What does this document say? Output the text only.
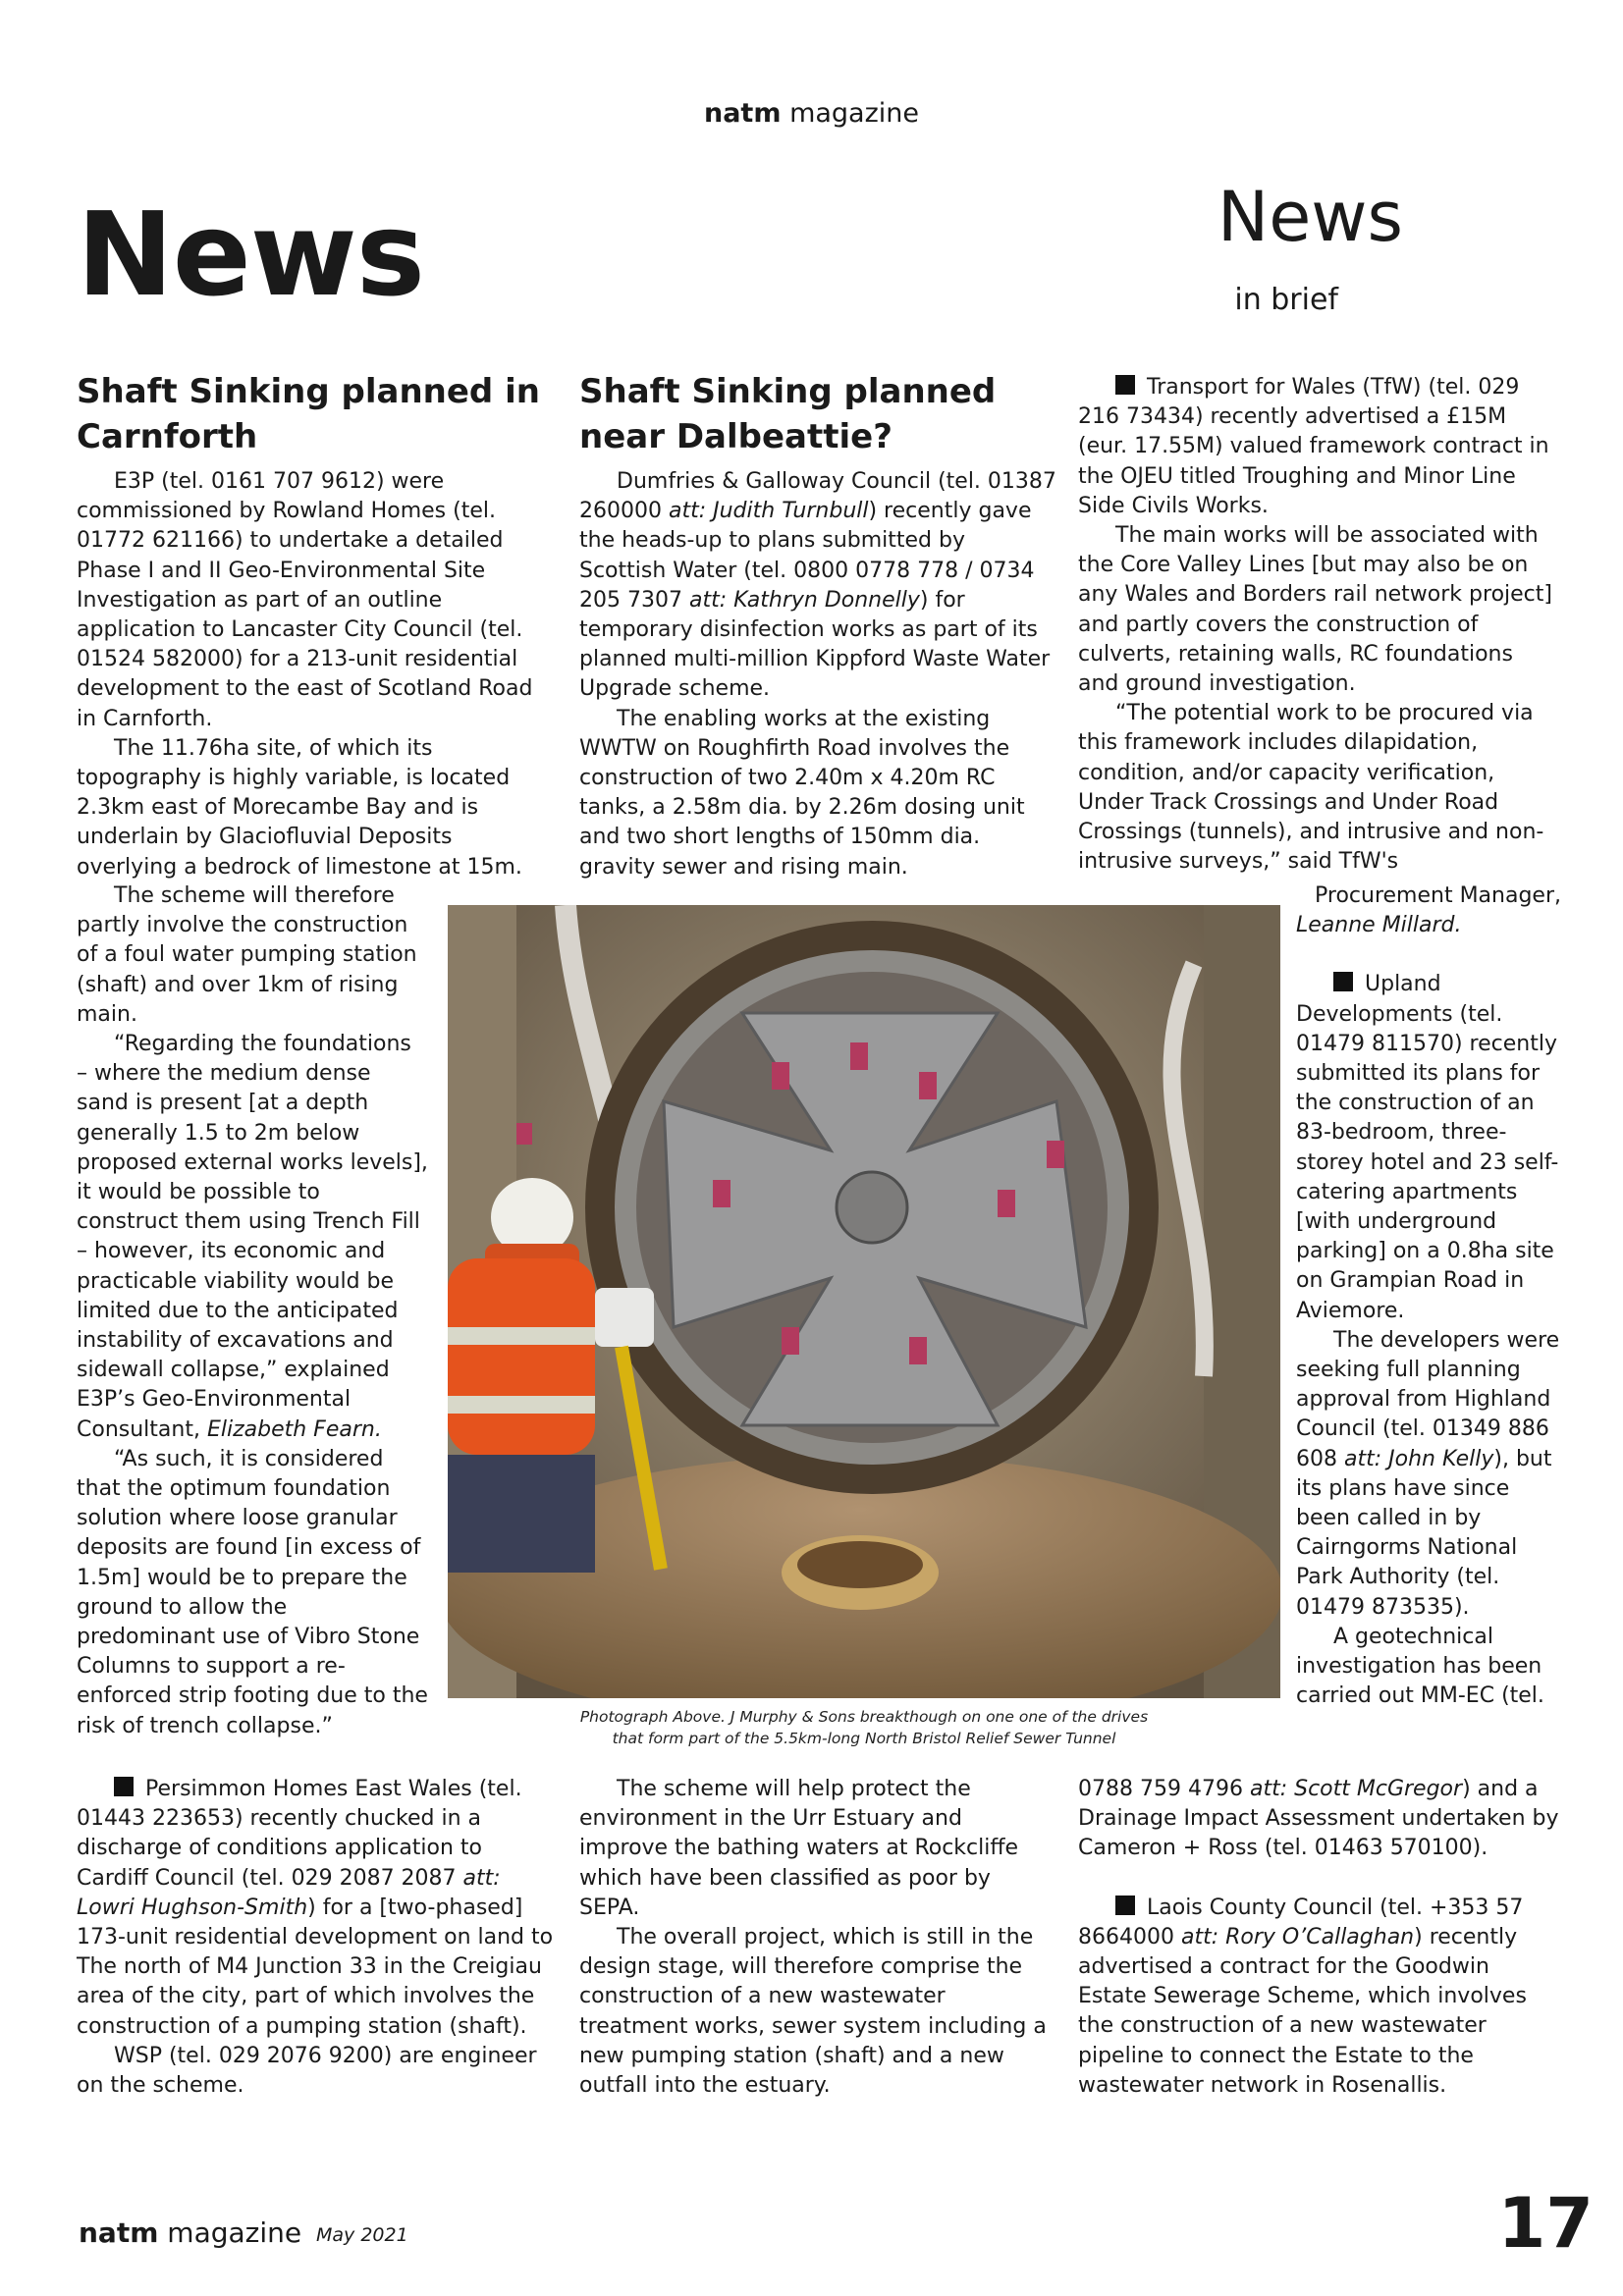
natm magazine
News	News
in brief
Shaft Sinking planned in Carnforth

E3P (tel. 0161 707 9612) were commissioned by Rowland Homes (tel. 01772 621166) to undertake a detailed Phase I and II Geo-Environmental Site Investigation as part of an outline application to Lancaster City Council (tel. 01524 582000) for a 213-unit residential development to the east of Scotland Road in Carnforth.

The 11.76ha site, of which its topography is highly variable, is located 2.3km east of Morecambe Bay and is underlain by Glaciofluvial Deposits overlying a bedrock of limestone at 15m.

The scheme will therefore partly involve the construction of a foul water pumping station (shaft) and over 1km of rising main.

“Regarding the foundations – where the medium dense sand is present [at a depth generally 1.5 to 2m below proposed external works levels], it would be possible to construct them using Trench Fill – however, its economic and practicable viability would be limited due to the anticipated instability of excavations and sidewall collapse,” explained E3P’s Geo-Environmental Consultant, Elizabeth Fearn.

“As such, it is considered that the optimum foundation solution where loose granular deposits are found [in excess of 1.5m] would be to prepare the ground to allow the predominant use of Vibro Stone Columns to support a re-enforced strip footing due to the risk of trench collapse.”

Persimmon Homes East Wales (tel. 01443 223653) recently chucked in a discharge of conditions application to Cardiff Council (tel. 029 2087 2087 att: Lowri Hughson-Smith) for a [two-phased] 173-unit residential development on land to The north of M4 Junction 33 in the Creigiau area of the city, part of which involves the construction of a pumping station (shaft).

WSP (tel. 029 2076 9200) are engineer on the scheme.

Shaft Sinking planned near Dalbeattie?

Dumfries & Galloway Council (tel. 01387 260000 att: Judith Turnbull) recently gave the heads-up to plans submitted by Scottish Water (tel. 0800 0778 778 / 0734 205 7307 att: Kathryn Donnelly) for temporary disinfection works as part of its planned multi-million Kippford Waste Water Upgrade scheme.

The enabling works at the existing WWTW on Roughfirth Road involves the construction of two 2.40m x 4.20m RC tanks, a 2.58m dia. by 2.26m dosing unit and two short lengths of 150mm dia. gravity sewer and rising main.

The scheme will help protect the environment in the Urr Estuary and improve the bathing waters at Rockcliffe which have been classified as poor by SEPA.

The overall project, which is still in the design stage, will therefore comprise the construction of a new wastewater treatment works, sewer system including a new pumping station (shaft) and a new outfall into the estuary.

Transport for Wales (TfW) (tel. 029 216 73434) recently advertised a £15M (eur. 17.55M) valued framework contract in the OJEU titled Troughing and Minor Line Side Civils Works.

The main works will be associated with the Core Valley Lines [but may also be on any Wales and Borders rail network project] and partly covers the construction of culverts, retaining walls, RC foundations and ground investigation.

“The potential work to be procured via this framework includes dilapidation, condition, and/or capacity verification, Under Track Crossings and Under Road Crossings (tunnels), and intrusive and non-intrusive surveys,” said TfW's

Procurement Manager,

Leanne Millard.

Upland Developments (tel. 01479 811570) recently submitted its plans for the construction of an 83-bedroom, three-storey hotel and 23 self-catering apartments [with underground parking] on a 0.8ha site on Grampian Road in Aviemore.

The developers were seeking full planning approval from Highland Council (tel. 01349 886 608 att: John Kelly), but its plans have since been called in by Cairngorms National Park Authority (tel. 01479 873535).

A geotechnical investigation has been carried out MM-EC (tel.

0788 759 4796 att: Scott McGregor) and a Drainage Impact Assessment undertaken by Cameron + Ross (tel. 01463 570100).

Laois County Council (tel. +353 57 8664000 att: Rory O’Callaghan) recently advertised a contract for the Goodwin Estate Sewerage Scheme, which involves the construction of a new wastewater pipeline to connect the Estate to the wastewater network in Rosenallis.

Photograph Above. J Murphy & Sons breakthough on one one of the drives
that form part of the 5.5km-long North Bristol Relief Sewer Tunnel
natm magazine May 2021	17
